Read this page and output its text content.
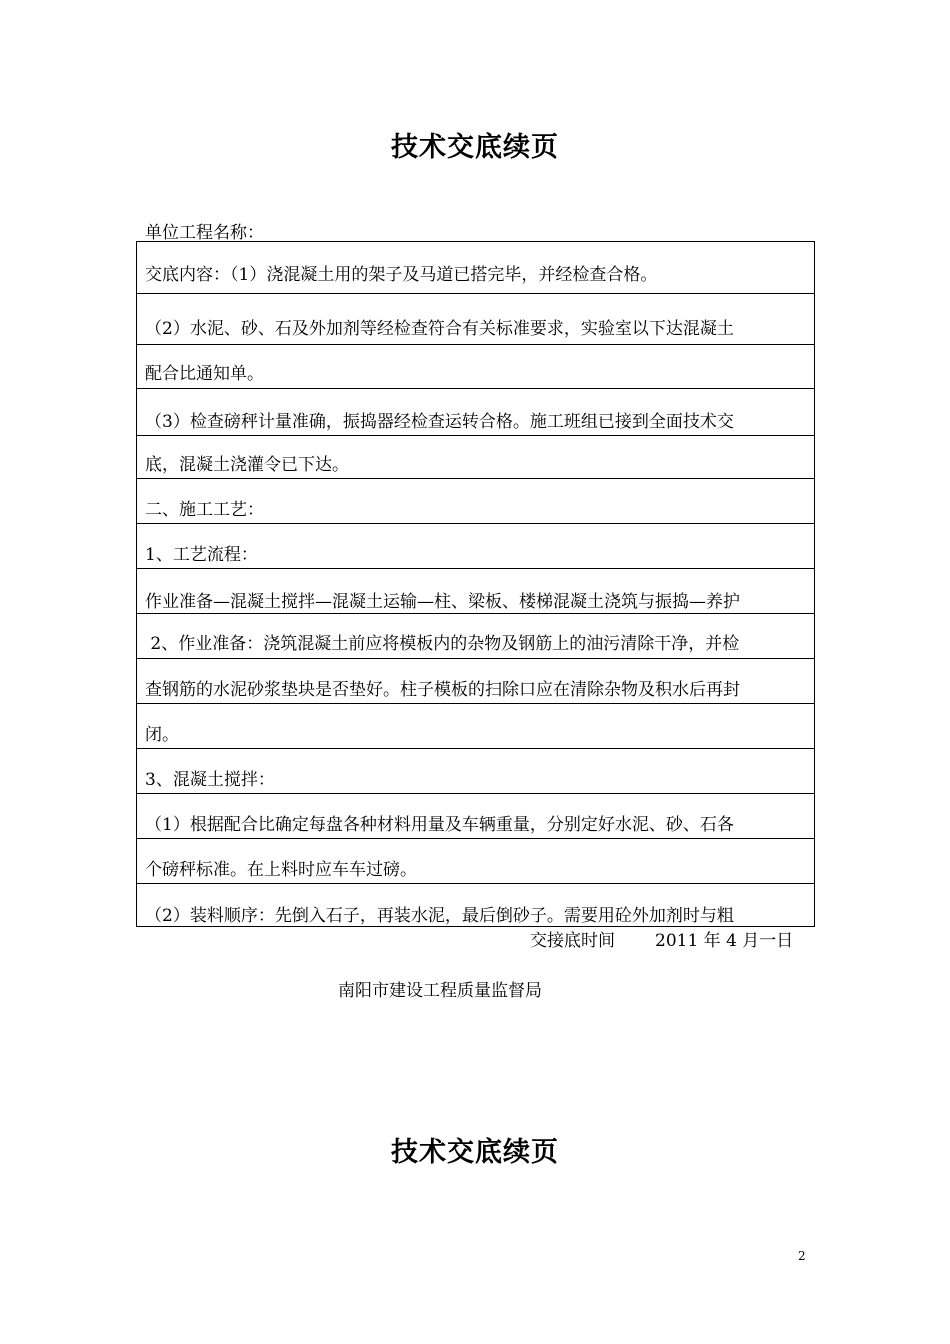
技术交底续页
单位工程名称：
交底内容：（1）浇混凝土用的架子及马道已搭完毕，并经检查合格。
（2）水泥、砂、石及外加剂等经检查符合有关标准要求，实验室以下达混凝土
配合比通知单。
（3）检查磅秤计量准确，振捣器经检查运转合格。施工班组已接到全面技术交
底，混凝土浇灌令已下达。
二、施工工艺：
1、工艺流程：
作业准备—混凝土搅拌—混凝土运输—柱、梁板、楼梯混凝土浇筑与振捣—养护
2、作业准备：浇筑混凝土前应将模板内的杂物及钢筋上的油污清除干净，并检
查钢筋的水泥砂浆垫块是否垫好。柱子模板的扫除口应在清除杂物及积水后再封
闭。
3、混凝土搅拌：
（1）根据配合比确定每盘各种材料用量及车辆重量，分别定好水泥、砂、石各
个磅秤标准。在上料时应车车过磅。
（2）装料顺序：先倒入石子，再装水泥，最后倒砂子。需要用砼外加剂时与粗
交接底时间 2011 年 4 月一日
南阳市建设工程质量监督局
技术交底续页
2
